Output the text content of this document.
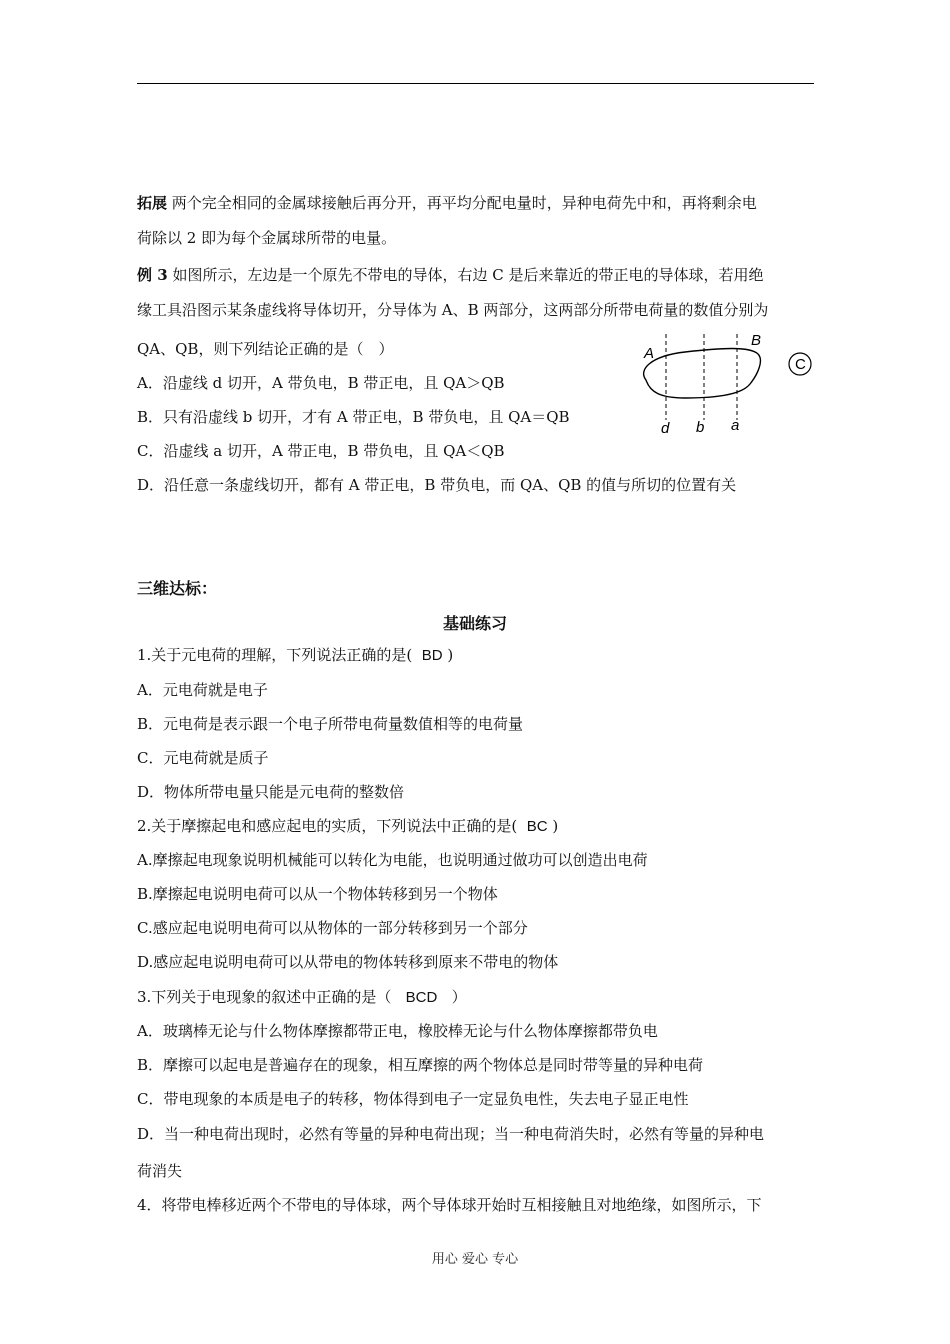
拓展 两个完全相同的金属球接触后再分开，再平均分配电量时，异种电荷先中和，再将剩余电
荷除以 2 即为每个金属球所带的电量。
例 3 如图所示，左边是一个原先不带电的导体，右边 C 是后来靠近的带正电的导体球，若用绝
缘工具沿图示某条虚线将导体切开，分导体为 A、B 两部分，这两部分所带电荷量的数值分别为
QA、QB，则下列结论正确的是（　）
A．沿虚线 d 切开，A 带负电，B 带正电，且 QA＞QB
B．只有沿虚线 b 切开，才有 A 带正电，B 带负电，且 QA＝QB
C．沿虚线 a 切开，A 带正电，B 带负电，且 QA＜QB
D．沿任意一条虚线切开，都有 A 带正电，B 带负电，而 QA、QB 的值与所切的位置有关
A
B
C
d b a
三维达标：
基础练习
1.关于元电荷的理解，下列说法正确的是( BD )
A．元电荷就是电子
B．元电荷是表示跟一个电子所带电荷量数值相等的电荷量
C．元电荷就是质子
D．物体所带电量只能是元电荷的整数倍
2.关于摩擦起电和感应起电的实质，下列说法中正确的是( BC )
A.摩擦起电现象说明机械能可以转化为电能，也说明通过做功可以创造出电荷
B.摩擦起电说明电荷可以从一个物体转移到另一个物体
C.感应起电说明电荷可以从物体的一部分转移到另一个部分
D.感应起电说明电荷可以从带电的物体转移到原来不带电的物体
3.下列关于电现象的叙述中正确的是（ BCD ）
A．玻璃棒无论与什么物体摩擦都带正电，橡胶棒无论与什么物体摩擦都带负电
B．摩擦可以起电是普遍存在的现象，相互摩擦的两个物体总是同时带等量的异种电荷
C．带电现象的本质是电子的转移，物体得到电子一定显负电性，失去电子显正电性
D．当一种电荷出现时，必然有等量的异种电荷出现；当一种电荷消失时，必然有等量的异种电
荷消失
4．将带电棒移近两个不带电的导体球，两个导体球开始时互相接触且对地绝缘，如图所示，下
用心 爱心 专心
